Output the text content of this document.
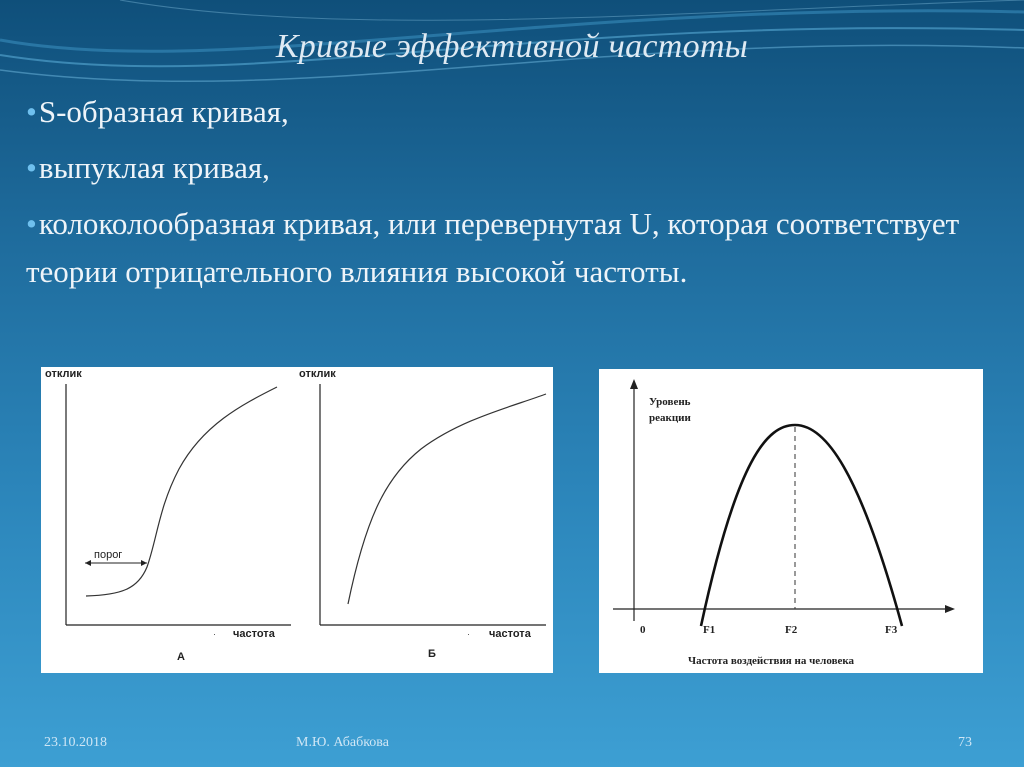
Кривые эффективной частоты
•S-образная кривая,
•выпуклая кривая,
•колоколообразная кривая, или перевернутая U, которая соответствует теории отрицательного влияния высокой частоты.
отклик
частота
·
порог
А
отклик
частота
·
Б
Уровень
реакции
0	F1	F2	F3
Частота воздействия на человека
23.10.2018	М.Ю. Абабкова	73
